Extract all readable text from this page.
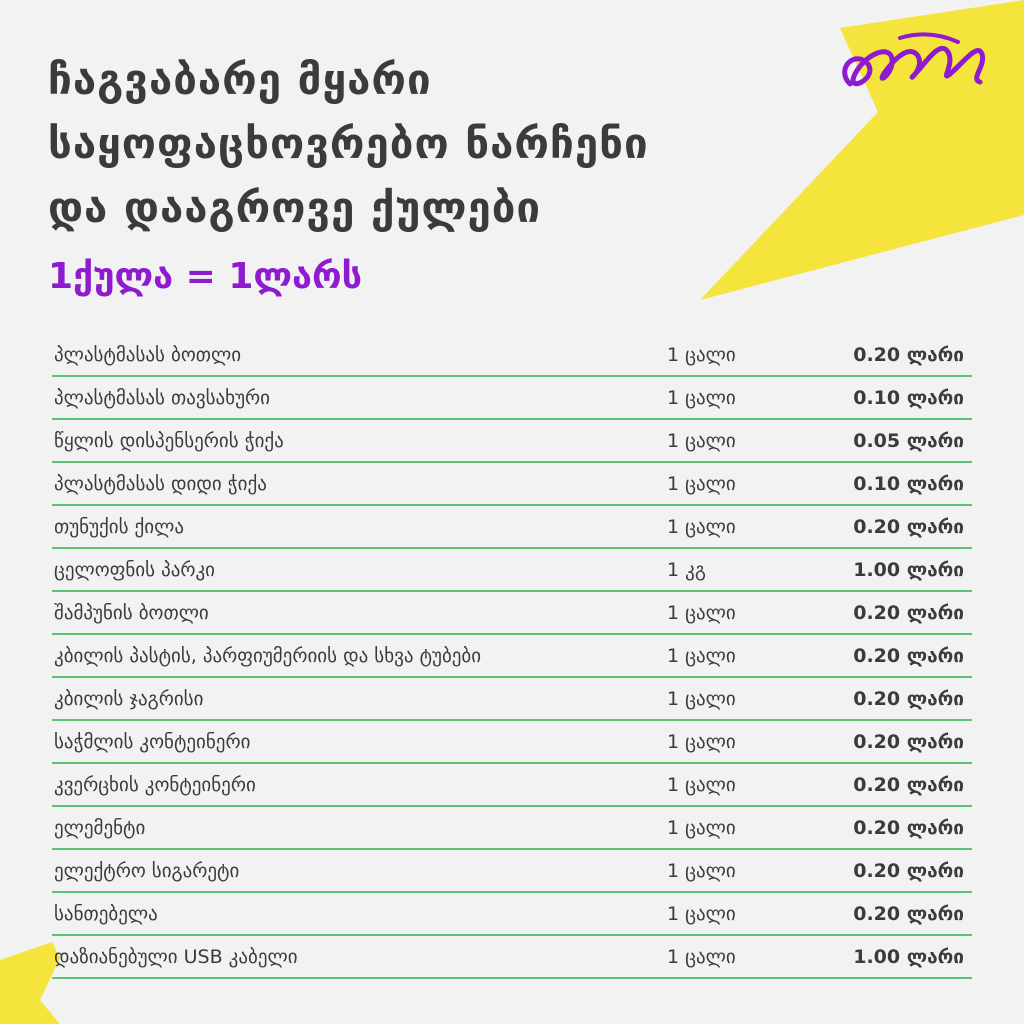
ჩაგვაბარე მყარი
საყოფაცხოვრებო ნარჩენი
და დააგროვე ქულები
1ქულა = 1ლარს
პლასტმასას ბოთლი	1 ცალი	0.20 ლარი
პლასტმასას თავსახური	1 ცალი	0.10 ლარი
წყლის დისპენსერის ჭიქა	1 ცალი	0.05 ლარი
პლასტმასას დიდი ჭიქა	1 ცალი	0.10 ლარი
თუნუქის ქილა	1 ცალი	0.20 ლარი
ცელოფნის პარკი	1 კგ	1.00 ლარი
შამპუნის ბოთლი	1 ცალი	0.20 ლარი
კბილის პასტის, პარფიუმერიის და სხვა ტუბები	1 ცალი	0.20 ლარი
კბილის ჯაგრისი	1 ცალი	0.20 ლარი
საჭმლის კონტეინერი	1 ცალი	0.20 ლარი
კვერცხის კონტეინერი	1 ცალი	0.20 ლარი
ელემენტი	1 ცალი	0.20 ლარი
ელექტრო სიგარეტი	1 ცალი	0.20 ლარი
სანთებელა	1 ცალი	0.20 ლარი
დაზიანებული USB კაბელი	1 ცალი	1.00 ლარი
